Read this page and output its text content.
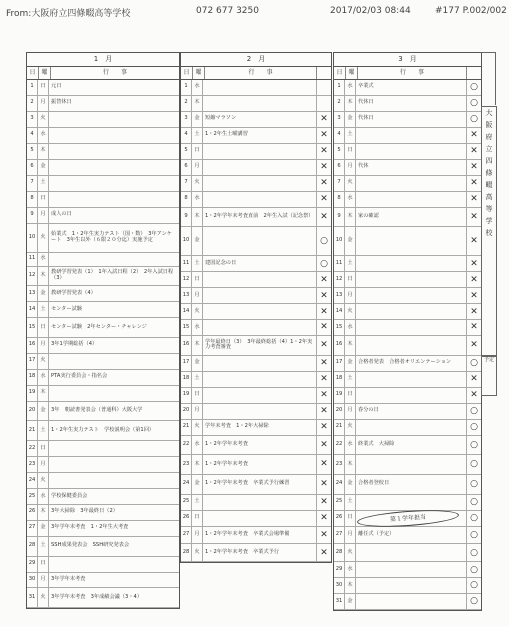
From:大阪府立四條畷高等学校	072 677 3250	2017/02/03 08:44	#177 P.002/002
1　月
日 曜	行　　事
1	日	元日
2	月	振替休日
3	火
4	水
5	木
6	金
7	土
8	日
9	月	成人の日
10 火	始業式　1・2年生実力テスト（国・数）　3年アンケート　3年生以外（６限２０分迄）実施予定
11 水
12 木	教研学習発表（1）　1年入試日程（2）　2年入試日程（3）
13 金	教研学習発表（4）
14 土	センター試験
15 日	センター試験　2年センター・チャレンジ
16 月	3年1学期総括（4）
17 火
18 水	PTA実行委員会・指名会
19 木
20 金	3年　朝読書発表会（普通科）大阪大学
21 土	1・2年生実力テスト　学校説明会（第1回）
22 日
23 月
24 火
25 水	学校保健委員会
26 木	3年大掃除　3年最終日（2）
27 金	3年学年末考査　1・2年生大考査
28 土	SSH成果発表会　SSH研究発表会
29 日
30 月	3年学年末考査
31 火	3年学年末考査　3年成績会議（3・4）
2　月
日 曜	行　　事
1	水
2	木
3	金	短縮マラソン	✕
4	土	1・2年生土曜講習	✕
5	日	✕
6	月	✕
7	火	✕
8	水	✕
9	木	1・2年学年末考査直前　2年生入試（記念祭） ✕
10 金	○
11 土	建国記念の日	○
12 日	✕
13 月	✕
14 火	✕
15 水	✕
16 木	学年最終日（3）　3年最終総括（4）1・2年実力考査審査	✕
17 金	✕
18 土	✕
19 日	✕
20 月	✕
21 火	学年末考査　1・2年大掃除	✕
22 水	1・2年学年末考査	✕
23 木	1・2年学年末考査	✕
24 金	1・2年学年末考査　卒業式予行練習	✕
25 土	✕
26 日	✕
27 月	1・2年学年末考査　卒業式会場準備	✕
28 火	1・2年学年末考査　卒業式予行	✕
3　月
日 曜	行　　事
1	水	卒業式	○
2	木	代休日	○
3	金	代休日	○
4	土	✕
5	日	✕
6	月	代休	✕
7	火	✕
8	水	✕
9	木	家の確認	✕
10 金	✕
11 土	✕
12 日	✕
13 月	✕
14 火	✕
15 水	✕
16 木	✕
17 金	合格者発表　合格者オリエンテーション	○
18 土	✕
19 日	✕
20 月	春分の日	○
21 火	○
22 水	終業式　大掃除	○
23 木	○
24 金	合格者登校日	○
25 土	○
26 日	○
27 月	離任式（予定）	○
28 火	○
29 水	○
30 木	○
31 金	○
大
阪
府
立
四
條
畷
高
等
学
校
予定
第１学年担当
